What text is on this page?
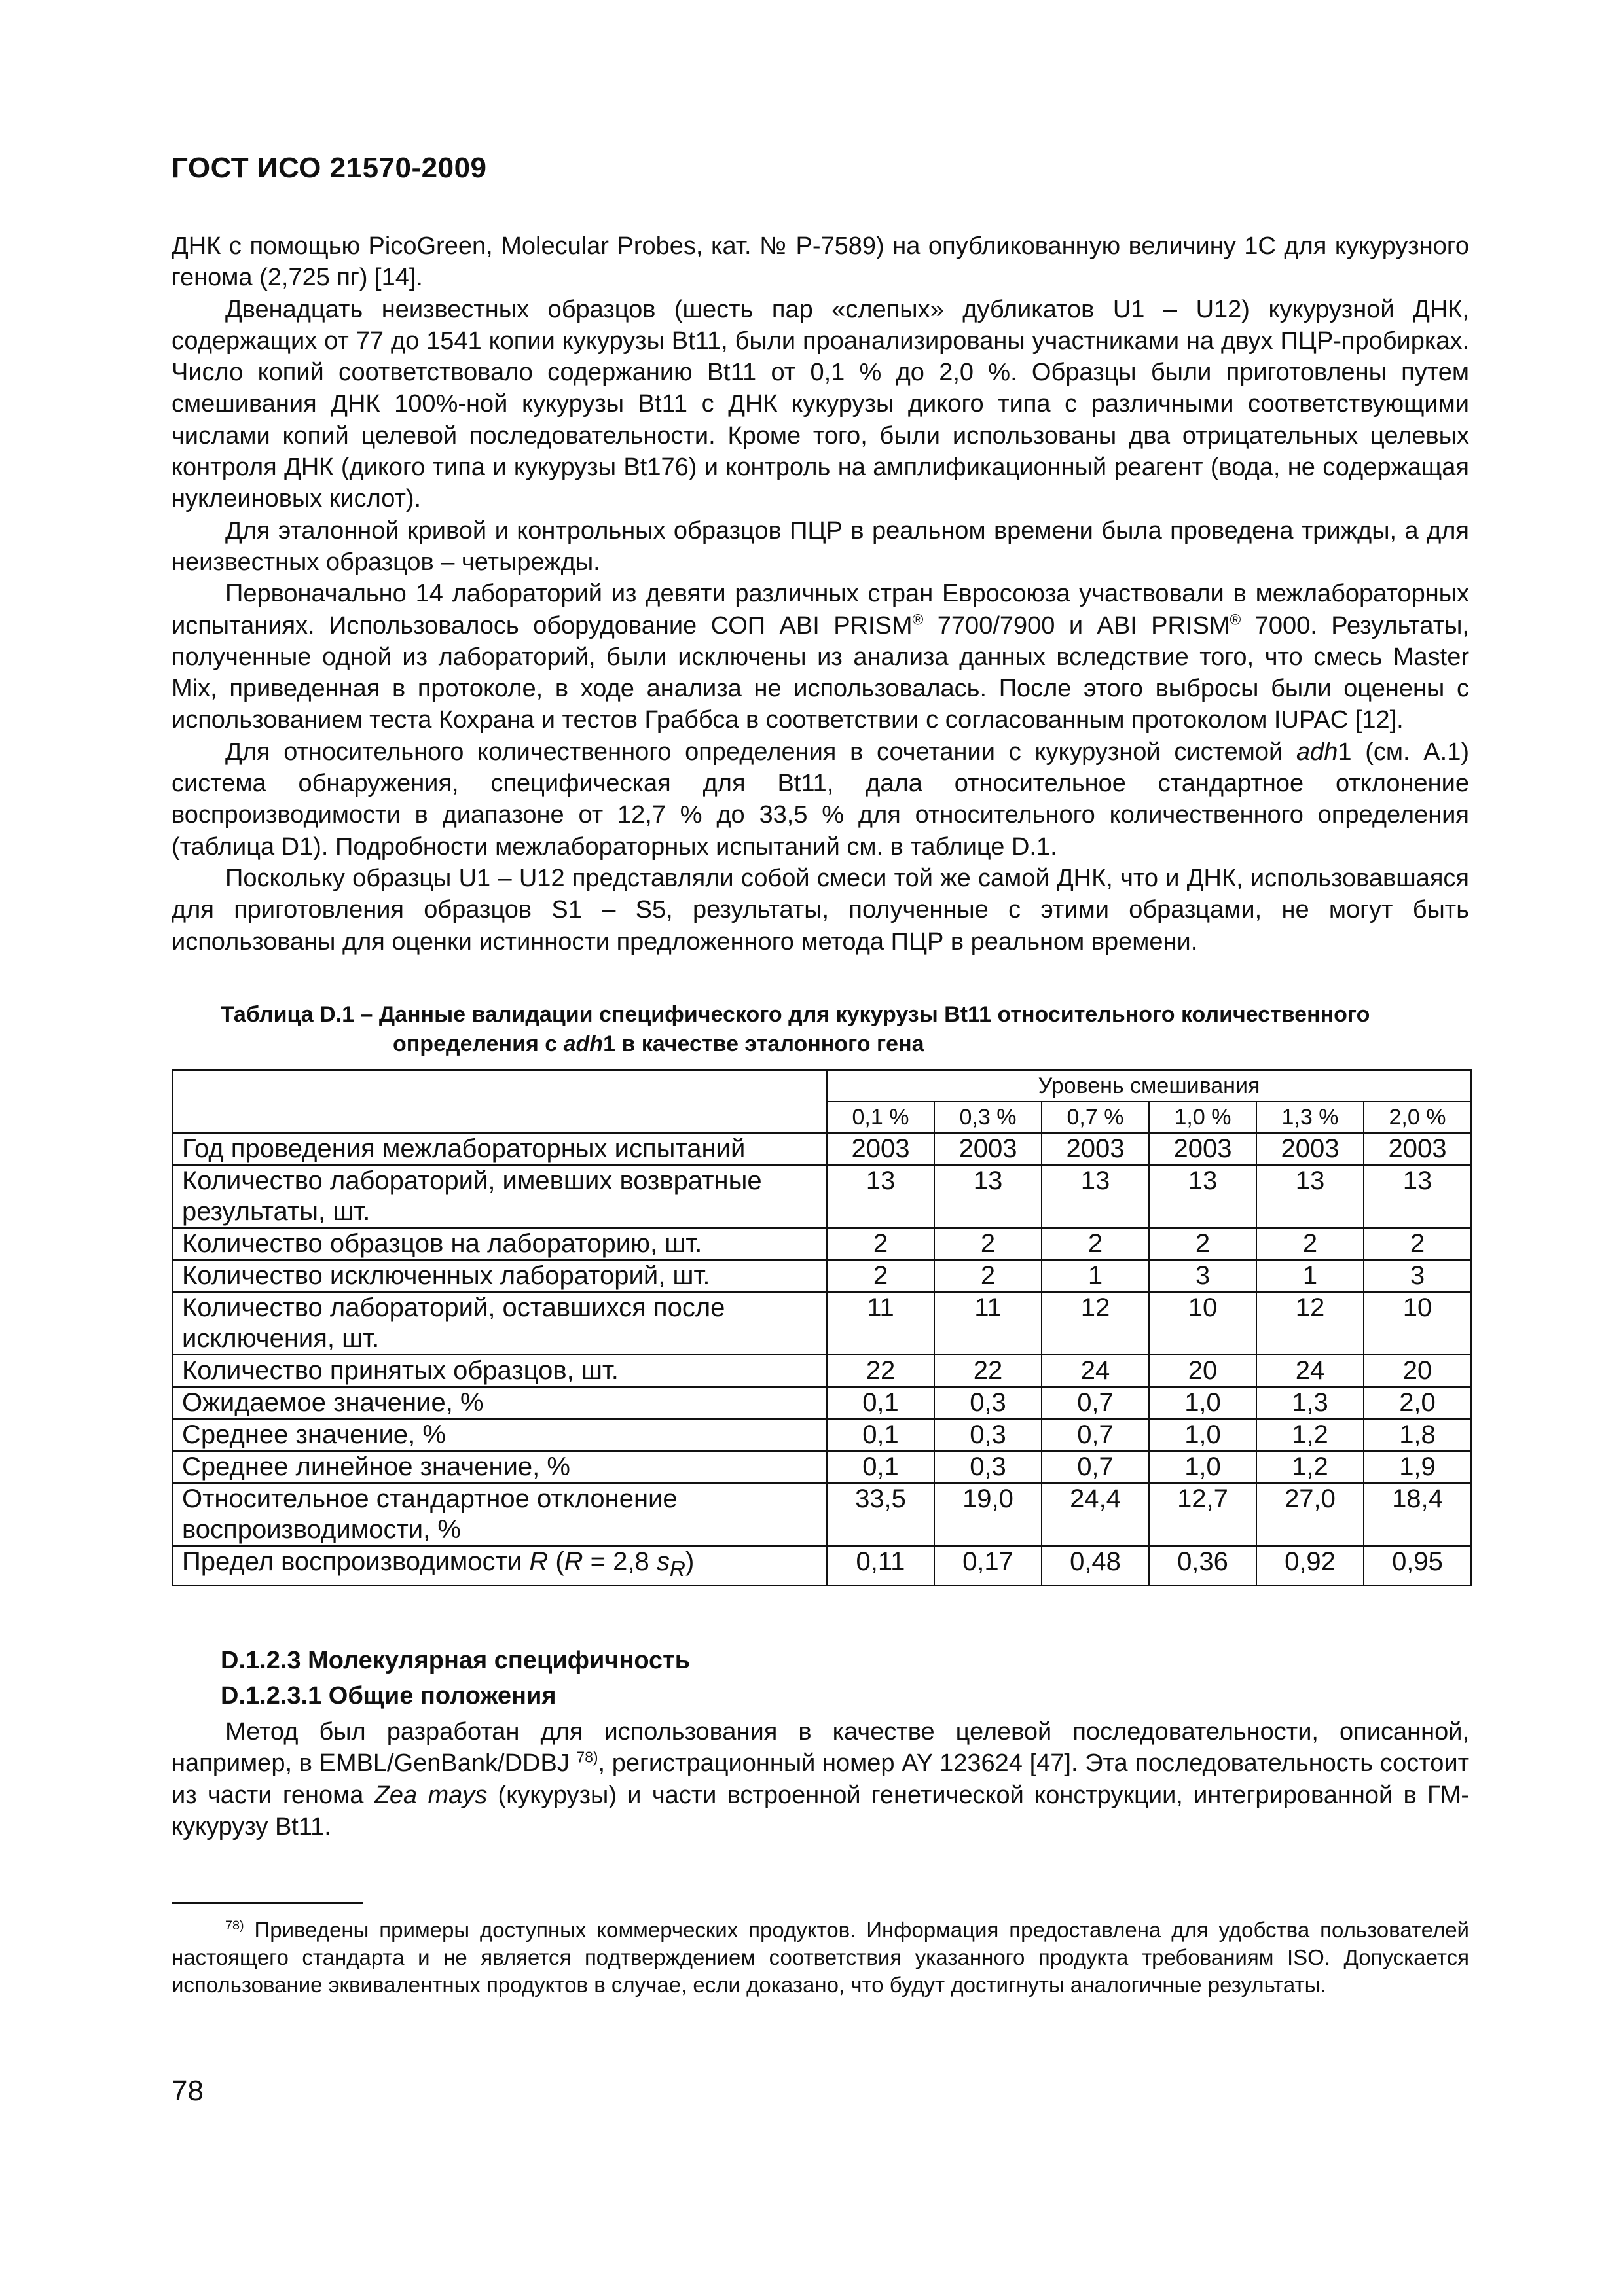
ГОСТ ИСО 21570-2009

ДНК с помощью PicoGreen, Molecular Probes, кат. № P-7589) на опубликованную величину 1C для кукурузного генома (2,725 пг) [14].

Двенадцать неизвестных образцов (шесть пар «слепых» дубликатов U1 – U12) кукурузной ДНК, содержащих от 77 до 1541 копии кукурузы Bt11, были проанализированы участниками на двух ПЦР-пробирках. Число копий соответствовало содержанию Bt11 от 0,1 % до 2,0 %. Образцы были приготовлены путем смешивания ДНК 100%-ной кукурузы Bt11 с ДНК кукурузы дикого типа с различными соответствующими числами копий целевой последовательности. Кроме того, были использованы два отрицательных целевых контроля ДНК (дикого типа и кукурузы Bt176) и контроль на амплификационный реагент (вода, не содержащая нуклеиновых кислот).

Для эталонной кривой и контрольных образцов ПЦР в реальном времени была проведена трижды, а для неизвестных образцов – четырежды.

Первоначально 14 лабораторий из девяти различных стран Евросоюза участвовали в межлабораторных испытаниях. Использовалось оборудование СОП ABI PRISM® 7700/7900 и ABI PRISM® 7000. Результаты, полученные одной из лабораторий, были исключены из анализа данных вследствие того, что смесь Master Mix, приведенная в протоколе, в ходе анализа не использовалась. После этого выбросы были оценены с использованием теста Кохрана и тестов Граббса в соответствии с согласованным протоколом IUPAC [12].

Для относительного количественного определения в сочетании с кукурузной системой adh1 (см. A.1) система обнаружения, специфическая для Bt11, дала относительное стандартное отклонение воспроизводимости в диапазоне от 12,7 % до 33,5 % для относительного количественного определения (таблица D1). Подробности межлабораторных испытаний см. в таблице D.1.

Поскольку образцы U1 – U12 представляли собой смеси той же самой ДНК, что и ДНК, использовавшаяся для приготовления образцов S1 – S5, результаты, полученные с этими образцами, не могут быть использованы для оценки истинности предложенного метода ПЦР в реальном времени.

Таблица D.1 – Данные валидации специфического для кукурузы Bt11 относительного количественного
определения с adh1 в качестве эталонного гена
	Уровень смешивания					
	0,1 %	0,3 %	0,7 %	1,0 %	1,3 %	2,0 %
Год проведения межлабораторных испытаний	2003	2003	2003	2003	2003	2003
Количество лабораторий, имевших возвратные результаты, шт.	13	13	13	13	13	13
Количество образцов на лабораторию, шт.	2	2	2	2	2	2
Количество исключенных лабораторий, шт.	2	2	1	3	1	3
Количество лабораторий, оставшихся после исключения, шт.	11	11	12	10	12	10
Количество принятых образцов, шт.	22	22	24	20	24	20
Ожидаемое значение, %	0,1	0,3	0,7	1,0	1,3	2,0
Среднее значение, %	0,1	0,3	0,7	1,0	1,2	1,8
Среднее линейное значение, %	0,1	0,3	0,7	1,0	1,2	1,9
Относительное стандартное отклонение воспроизводимости, %	33,5	19,0	24,4	12,7	27,0	18,4
Предел воспроизводимости R (R = 2,8 $s_R$)	0,11	0,17	0,48	0,36	0,92	0,95
D.1.2.3 Молекулярная специфичность
D.1.2.3.1 Общие положения

Метод был разработан для использования в качестве целевой последовательности, описанной, например, в EMBL/GenBank/DDBJ $^{78)}$, регистрационный номер AY 123624 [47]. Эта последовательность состоит из части генома Zea mays (кукурузы) и части встроенной генетической конструкции, интегрированной в ГМ-кукурузу Bt11.

$^{78)}$ Приведены примеры доступных коммерческих продуктов. Информация предоставлена для удобства пользователей настоящего стандарта и не является подтверждением соответствия указанного продукта требованиям ISO. Допускается использование эквивалентных продуктов в случае, если доказано, что будут достигнуты аналогичные результаты.

78
